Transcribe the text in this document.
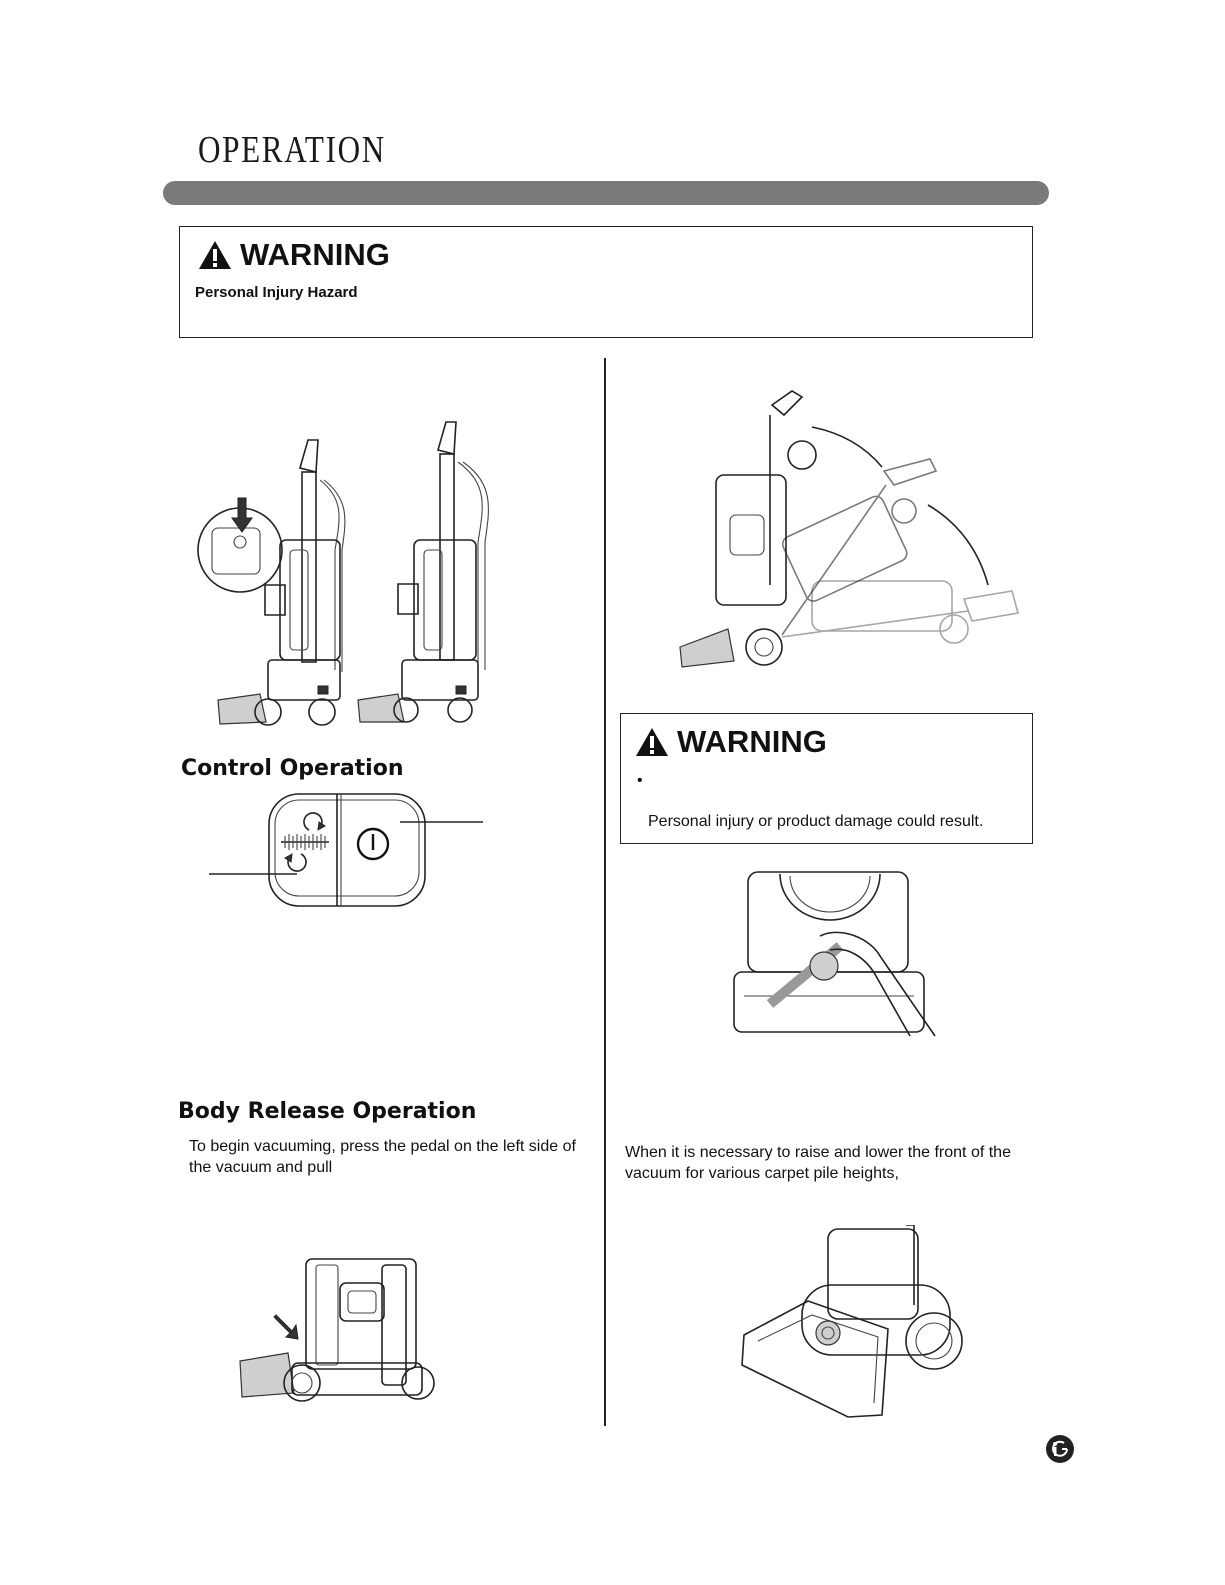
OPERATION
WARNING
Personal Injury Hazard
Control Operation
Body Release Operation
To begin vacuuming, press the pedal on the left side of the vacuum and pull
WARNING
•
Personal injury or product damage could result.
When it is necessary to raise and lower the front of the vacuum for various carpet pile heights,
